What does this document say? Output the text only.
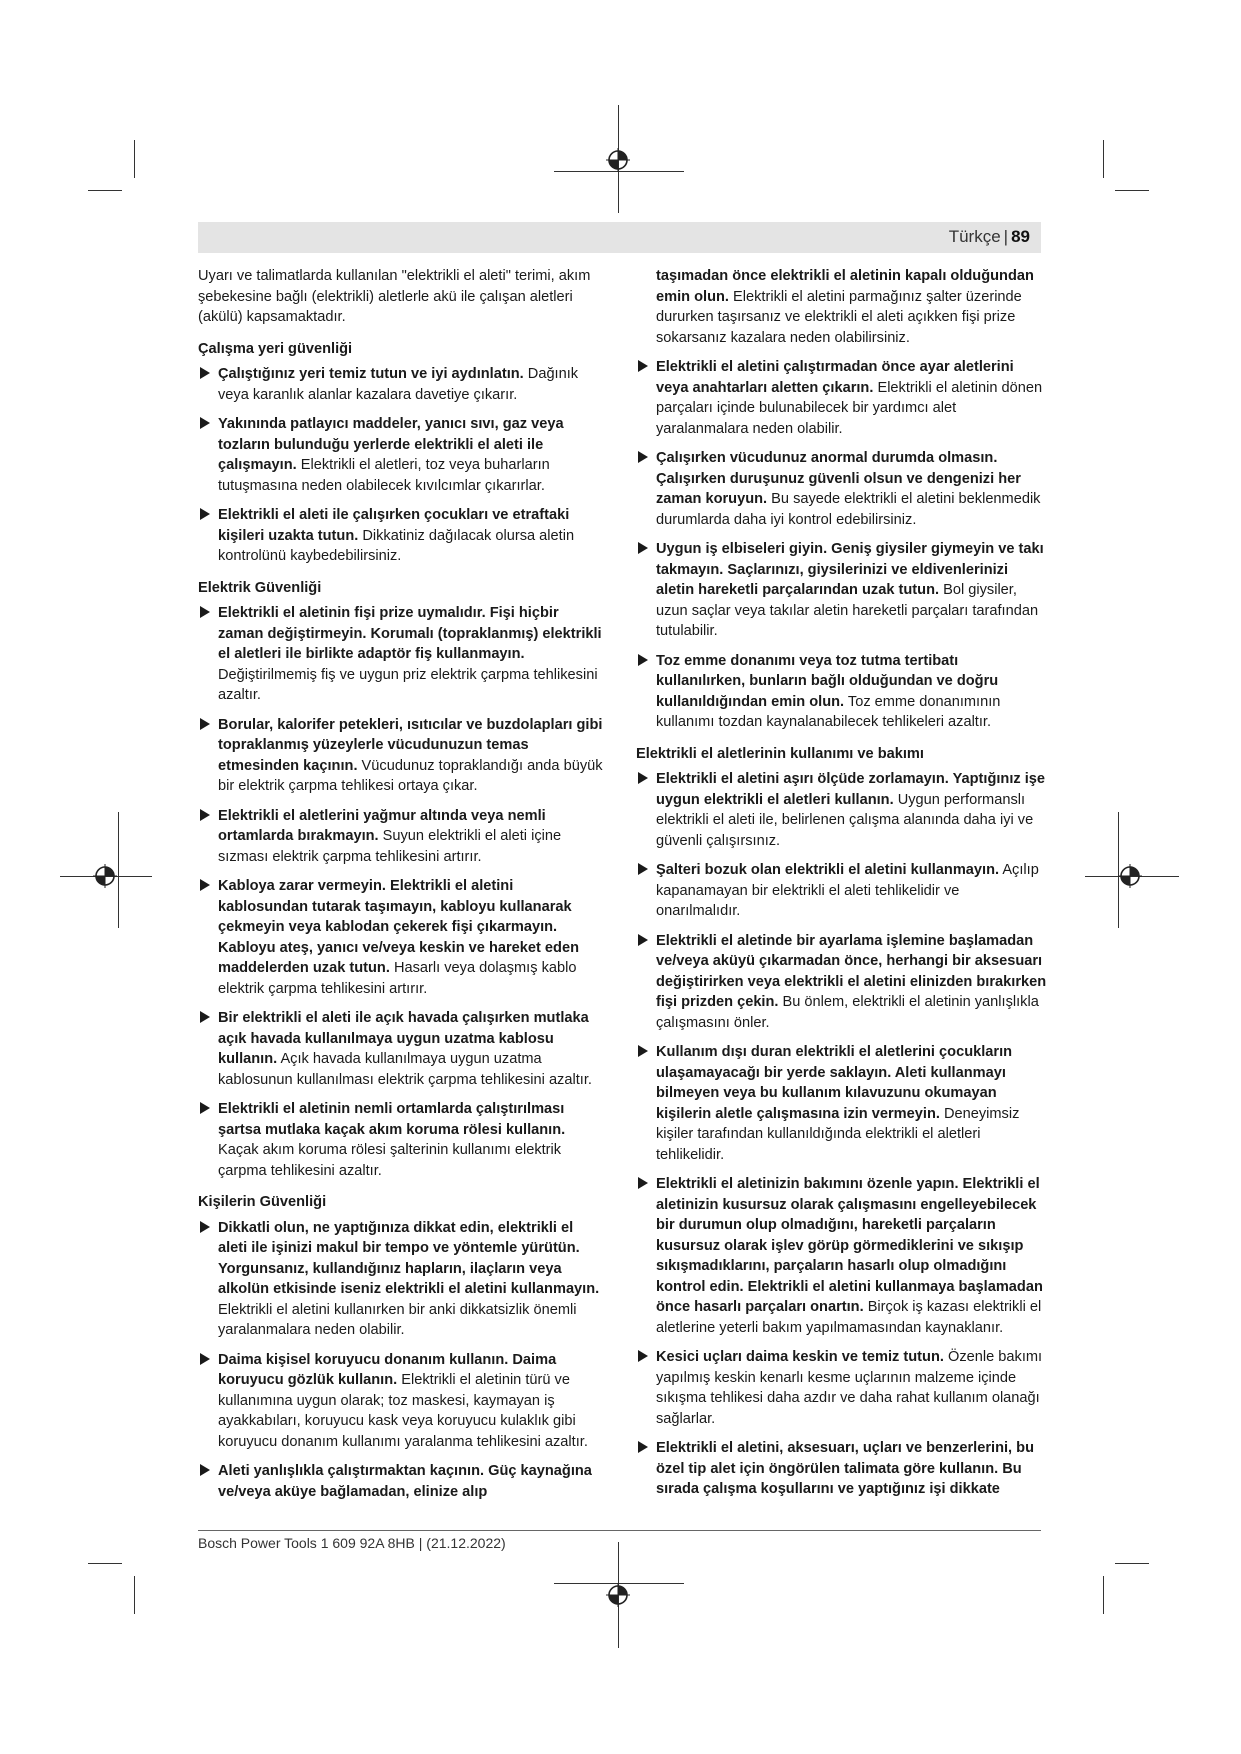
Türkçe | 89

Uyarı ve talimatlarda kullanılan "elektrikli el aleti" terimi, akım şebekesine bağlı (elektrikli) aletlerle akü ile çalışan aletleri (akülü) kapsamaktadır.

Çalışma yeri güvenliği

Çalıştığınız yeri temiz tutun ve iyi aydınlatın. Dağınık veya karanlık alanlar kazalara davetiye çıkarır.
Yakınında patlayıcı maddeler, yanıcı sıvı, gaz veya tozların bulunduğu yerlerde elektrikli el aleti ile çalışmayın. Elektrikli el aletleri, toz veya buharların tutuşmasına neden olabilecek kıvılcımlar çıkarırlar.
Elektrikli el aleti ile çalışırken çocukları ve etraftaki kişileri uzakta tutun. Dikkatiniz dağılacak olursa aletin kontrolünü kaybedebilirsiniz.

Elektrik Güvenliği

Elektrikli el aletinin fişi prize uymalıdır. Fişi hiçbir zaman değiştirmeyin. Korumalı (topraklanmış) elektrikli el aletleri ile birlikte adaptör fiş kullanmayın. Değiştirilmemiş fiş ve uygun priz elektrik çarpma tehlikesini azaltır.
Borular, kalorifer petekleri, ısıtıcılar ve buzdolapları gibi topraklanmış yüzeylerle vücudunuzun temas etmesinden kaçının. Vücudunuz topraklandığı anda büyük bir elektrik çarpma tehlikesi ortaya çıkar.
Elektrikli el aletlerini yağmur altında veya nemli ortamlarda bırakmayın. Suyun elektrikli el aleti içine sızması elektrik çarpma tehlikesini artırır.
Kabloya zarar vermeyin. Elektrikli el aletini kablosundan tutarak taşımayın, kabloyu kullanarak çekmeyin veya kablodan çekerek fişi çıkarmayın. Kabloyu ateş, yanıcı ve/veya keskin ve hareket eden maddelerden uzak tutun. Hasarlı veya dolaşmış kablo elektrik çarpma tehlikesini artırır.
Bir elektrikli el aleti ile açık havada çalışırken mutlaka açık havada kullanılmaya uygun uzatma kablosu kullanın. Açık havada kullanılmaya uygun uzatma kablosunun kullanılması elektrik çarpma tehlikesini azaltır.
Elektrikli el aletinin nemli ortamlarda çalıştırılması şartsa mutlaka kaçak akım koruma rölesi kullanın. Kaçak akım koruma rölesi şalterinin kullanımı elektrik çarpma tehlikesini azaltır.

Kişilerin Güvenliği

Dikkatli olun, ne yaptığınıza dikkat edin, elektrikli el aleti ile işinizi makul bir tempo ve yöntemle yürütün. Yorgunsanız, kullandığınız hapların, ilaçların veya alkolün etkisinde iseniz elektrikli el aletini kullanmayın. Elektrikli el aletini kullanırken bir anki dikkatsizlik önemli yaralanmalara neden olabilir.
Daima kişisel koruyucu donanım kullanın. Daima koruyucu gözlük kullanın. Elektrikli el aletinin türü ve kullanımına uygun olarak; toz maskesi, kaymayan iş ayakkabıları, koruyucu kask veya koruyucu kulaklık gibi koruyucu donanım kullanımı yaralanma tehlikesini azaltır.
Aleti yanlışlıkla çalıştırmaktan kaçının. Güç kaynağına ve/veya aküye bağlamadan, elinize alıp
taşımadan önce elektrikli el aletinin kapalı olduğundan emin olun. Elektrikli el aletini parmağınız şalter üzerinde dururken taşırsanız ve elektrikli el aleti açıkken fişi prize sokarsanız kazalara neden olabilirsiniz.
Elektrikli el aletini çalıştırmadan önce ayar aletlerini veya anahtarları aletten çıkarın. Elektrikli el aletinin dönen parçaları içinde bulunabilecek bir yardımcı alet yaralanmalara neden olabilir.
Çalışırken vücudunuz anormal durumda olmasın. Çalışırken duruşunuz güvenli olsun ve dengenizi her zaman koruyun. Bu sayede elektrikli el aletini beklenmedik durumlarda daha iyi kontrol edebilirsiniz.
Uygun iş elbiseleri giyin. Geniş giysiler giymeyin ve takı takmayın. Saçlarınızı, giysilerinizi ve eldivenlerinizi aletin hareketli parçalarından uzak tutun. Bol giysiler, uzun saçlar veya takılar aletin hareketli parçaları tarafından tutulabilir.
Toz emme donanımı veya toz tutma tertibatı kullanılırken, bunların bağlı olduğundan ve doğru kullanıldığından emin olun. Toz emme donanımının kullanımı tozdan kaynalanabilecek tehlikeleri azaltır.

Elektrikli el aletlerinin kullanımı ve bakımı

Elektrikli el aletini aşırı ölçüde zorlamayın. Yaptığınız işe uygun elektrikli el aletleri kullanın. Uygun performanslı elektrikli el aleti ile, belirlenen çalışma alanında daha iyi ve güvenli çalışırsınız.
Şalteri bozuk olan elektrikli el aletini kullanmayın. Açılıp kapanamayan bir elektrikli el aleti tehlikelidir ve onarılmalıdır.
Elektrikli el aletinde bir ayarlama işlemine başlamadan ve/veya aküyü çıkarmadan önce, herhangi bir aksesuarı değiştirirken veya elektrikli el aletini elinizden bırakırken fişi prizden çekin. Bu önlem, elektrikli el aletinin yanlışlıkla çalışmasını önler.
Kullanım dışı duran elektrikli el aletlerini çocukların ulaşamayacağı bir yerde saklayın. Aleti kullanmayı bilmeyen veya bu kullanım kılavuzunu okumayan kişilerin aletle çalışmasına izin vermeyin. Deneyimsiz kişiler tarafından kullanıldığında elektrikli el aletleri tehlikelidir.
Elektrikli el aletinizin bakımını özenle yapın. Elektrikli el aletinizin kusursuz olarak çalışmasını engelleyebilecek bir durumun olup olmadığını, hareketli parçaların kusursuz olarak işlev görüp görmediklerini ve sıkışıp sıkışmadıklarını, parçaların hasarlı olup olmadığını kontrol edin. Elektrikli el aletini kullanmaya başlamadan önce hasarlı parçaları onartın. Birçok iş kazası elektrikli el aletlerine yeterli bakım yapılmamasından kaynaklanır.
Kesici uçları daima keskin ve temiz tutun. Özenle bakımı yapılmış keskin kenarlı kesme uçlarının malzeme içinde sıkışma tehlikesi daha azdır ve daha rahat kullanım olanağı sağlarlar.
Elektrikli el aletini, aksesuarı, uçları ve benzerlerini, bu özel tip alet için öngörülen talimata göre kullanın. Bu sırada çalışma koşullarını ve yaptığınız işi dikkate
Bosch Power Tools 1 609 92A 8HB | (21.12.2022)
